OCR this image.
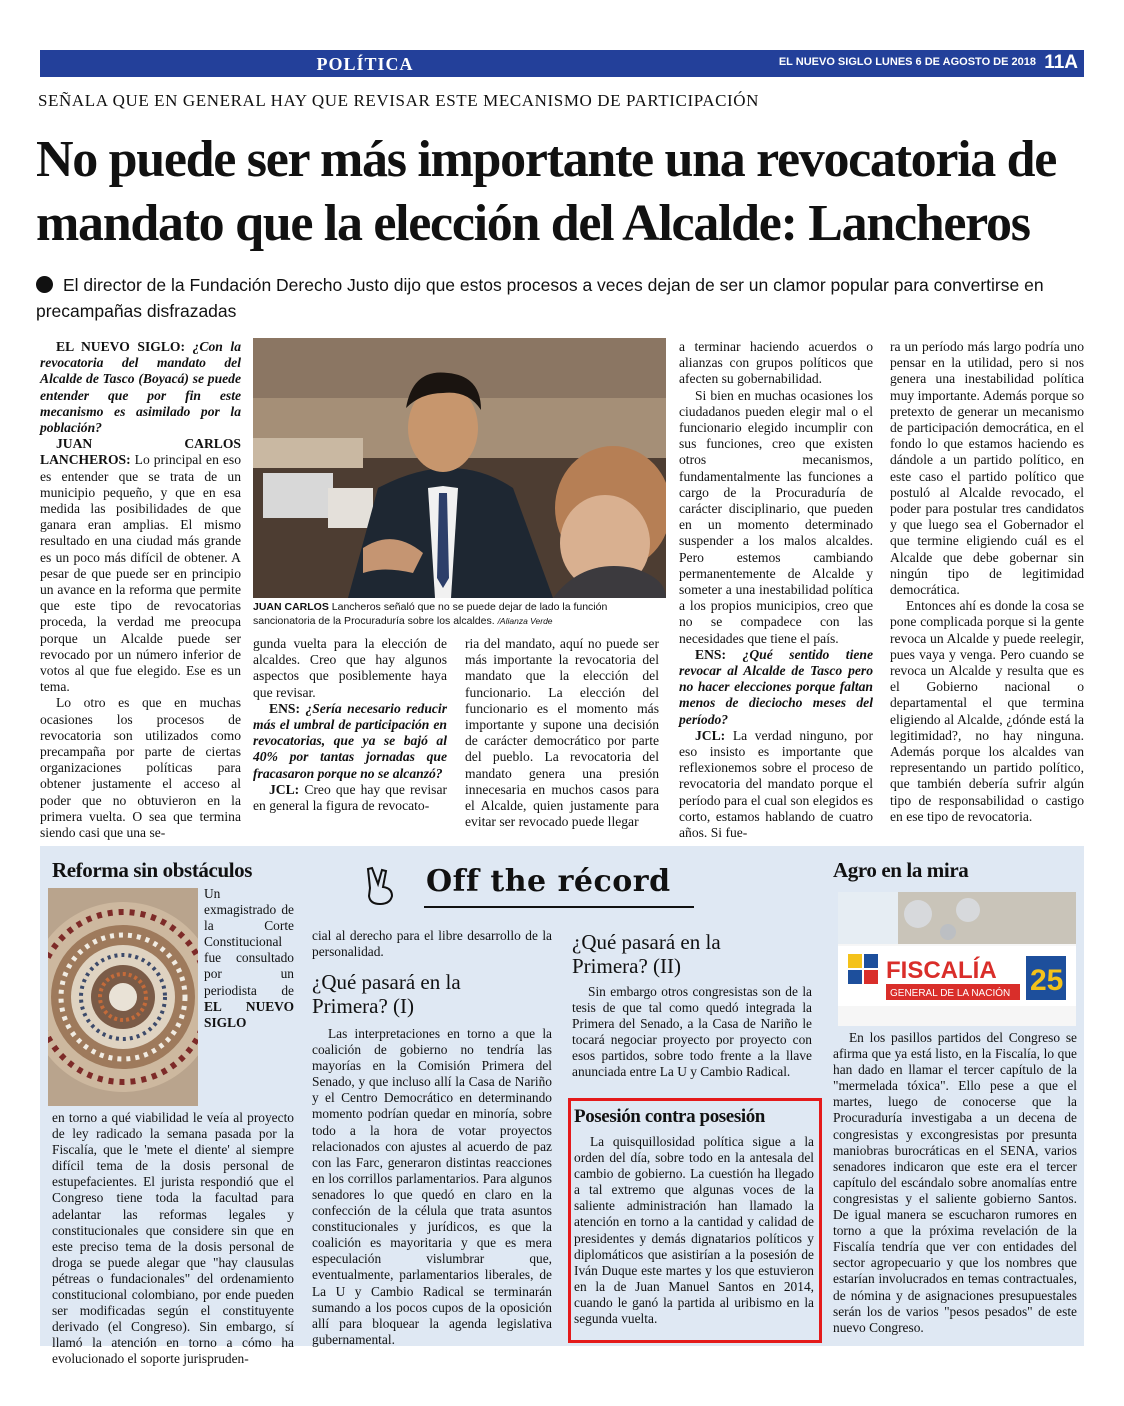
POLÍTICA	EL NUEVO SIGLO LUNES 6 DE AGOSTO DE 2018 11A
SEÑALA QUE EN GENERAL HAY QUE REVISAR ESTE MECANISMO DE PARTICIPACIÓN
No puede ser más importante una revocatoria de
mandato que la elección del Alcalde: Lancheros
El director de la Fundación Derecho Justo dijo que estos procesos a veces dejan de ser un clamor popular para convertirse en precampañas disfrazadas

EL NUEVO SIGLO: ¿Con la revocatoria del mandato del Alcalde de Tasco (Boyacá) se puede entender que por fin este mecanismo es asimilado por la población?

JUAN CARLOS LANCHEROS: Lo principal en eso es entender que se trata de un municipio pequeño, y que en esa medida las posibilidades de que ganara eran amplias. El mismo resultado en una ciudad más grande es un poco más difícil de obtener. A pesar de que puede ser en principio un avance en la reforma que permite que este tipo de revocatorias proceda, la verdad me preocupa porque un Alcalde puede ser revocado por un número inferior de votos al que fue elegido. Ese es un tema.

Lo otro es que en muchas ocasiones los procesos de revocatoria son utilizados como precampaña por parte de ciertas organizaciones políticas para obtener justamente el acceso al poder que no obtuvieron en la primera vuelta. O sea que termina siendo casi que una se-

JUAN CARLOS Lancheros señaló que no se puede dejar de lado la función sancionatoria de la Procuraduría sobre los alcaldes. /Alianza Verde

gunda vuelta para la elección de alcaldes. Creo que hay algunos aspectos que posiblemente haya que revisar.

ENS: ¿Sería necesario reducir más el umbral de participación en revocatorias, que ya se bajó al 40% por tantas jornadas que fracasaron porque no se alcanzó?

JCL: Creo que hay que revisar en general la figura de revocato-

ria del mandato, aquí no puede ser más importante la revocatoria del mandato que la elección del funcionario. La elección del funcionario es el momento más importante y supone una decisión de carácter democrático por parte del pueblo. La revocatoria del mandato genera una presión innecesaria en muchos casos para el Alcalde, quien justamente para evitar ser revocado puede llegar

a terminar haciendo acuerdos o alianzas con grupos políticos que afecten su gobernabilidad.

Si bien en muchas ocasiones los ciudadanos pueden elegir mal o el funcionario elegido incumplir con sus funciones, creo que existen otros mecanismos, fundamentalmente las funciones a cargo de la Procuraduría de carácter disciplinario, que pueden en un momento determinado suspender a los malos alcaldes. Pero estemos cambiando permanentemente de Alcalde y someter a una inestabilidad política a los propios municipios, creo que no se compadece con las necesidades que tiene el país.

ENS: ¿Qué sentido tiene revocar al Alcalde de Tasco pero no hacer elecciones porque faltan menos de dieciocho meses del período?

JCL: La verdad ninguno, por eso insisto es importante que reflexionemos sobre el proceso de revocatoria del mandato porque el período para el cual son elegidos es corto, estamos hablando de cuatro años. Si fue-

ra un período más largo podría uno pensar en la utilidad, pero si nos genera una inestabilidad política muy importante. Además porque so pretexto de generar un mecanismo de participación democrática, en el fondo lo que estamos haciendo es dándole a un partido político, en este caso el partido político que postuló al Alcalde revocado, el poder para postular tres candidatos y que luego sea el Gobernador el que termine eligiendo cuál es el Alcalde que debe gobernar sin ningún tipo de legitimidad democrática.

Entonces ahí es donde la cosa se pone complicada porque si la gente revoca un Alcalde y puede reelegir, pues vaya y venga. Pero cuando se revoca un Alcalde y resulta que es el Gobierno nacional o departamental el que termina eligiendo al Alcalde, ¿dónde está la legitimidad?, no hay ninguna. Además porque los alcaldes van representando un partido político, que también debería sufrir algún tipo de responsabilidad o castigo en ese tipo de revocatoria.

Reforma sin obstáculos	Off the récord	Agro en la mira
Un exmagistrado de la Corte Constitucional fue consultado por un periodista de EL NUEVO SIGLO

en torno a qué viabilidad le veía al proyecto de ley radicado la semana pasada por la Fiscalía, que le 'mete el diente' al siempre difícil tema de la dosis personal de estupefacientes. El jurista respondió que el Congreso tiene toda la facultad para adelantar las reformas legales y constitucionales que considere sin que en este preciso tema de la dosis personal de droga se puede alegar que "hay clausulas pétreas o fundacionales" del ordenamiento constitucional colombiano, por ende pueden ser modificadas según el constituyente derivado (el Congreso). Sin embargo, sí llamó la atención en torno a cómo ha evolucionado el soporte jurispruden-

cial al derecho para el libre desarrollo de la personalidad.

¿Qué pasará en la Primera? (I)

Las interpretaciones en torno a que la coalición de gobierno no tendría las mayorías en la Comisión Primera del Senado, y que incluso allí la Casa de Nariño y el Centro Democrático en determinando momento podrían quedar en minoría, sobre todo a la hora de votar proyectos relacionados con ajustes al acuerdo de paz con las Farc, generaron distintas reacciones en los corrillos parlamentarios. Para algunos senadores lo que quedó en claro en la confección de la célula que trata asuntos constitucionales y jurídicos, es que la coalición es mayoritaria y que es mera especulación vislumbrar que, eventualmente, parlamentarios liberales, de La U y Cambio Radical se terminarán sumando a los pocos cupos de la oposición allí para bloquear la agenda legislativa gubernamental.

¿Qué pasará en la Primera? (II)

Sin embargo otros congresistas son de la tesis de que tal como quedó integrada la Primera del Senado, a la Casa de Nariño le tocará negociar proyecto por proyecto con esos partidos, sobre todo frente a la llave anunciada entre La U y Cambio Radical.

Posesión contra posesión

La quisquillosidad política sigue a la orden del día, sobre todo en la antesala del cambio de gobierno. La cuestión ha llegado a tal extremo que algunas voces de la saliente administración han llamado la atención en torno a la cantidad y calidad de presidentes y demás dignatarios políticos y diplomáticos que asistirían a la posesión de Iván Duque este martes y los que estuvieron en la de Juan Manuel Santos en 2014, cuando le ganó la partida al uribismo en la segunda vuelta.

FISCALÍA
GENERAL DE LA NACIÓN 25

En los pasillos partidos del Congreso se afirma que ya está listo, en la Fiscalía, lo que han dado en llamar el tercer capítulo de la "mermelada tóxica". Ello pese a que el martes, luego de conocerse que la Procuraduría investigaba a un decena de congresistas y excongresistas por presunta maniobras burocráticas en el SENA, varios senadores indicaron que este era el tercer capítulo del escándalo sobre anomalías entre congresistas y el saliente gobierno Santos. De igual manera se escucharon rumores en torno a que la próxima revelación de la Fiscalía tendría que ver con entidades del sector agropecuario y que los nombres que estarían involucrados en temas contractuales, de nómina y de asignaciones presupuestales serán los de varios "pesos pesados" de este nuevo Congreso.
